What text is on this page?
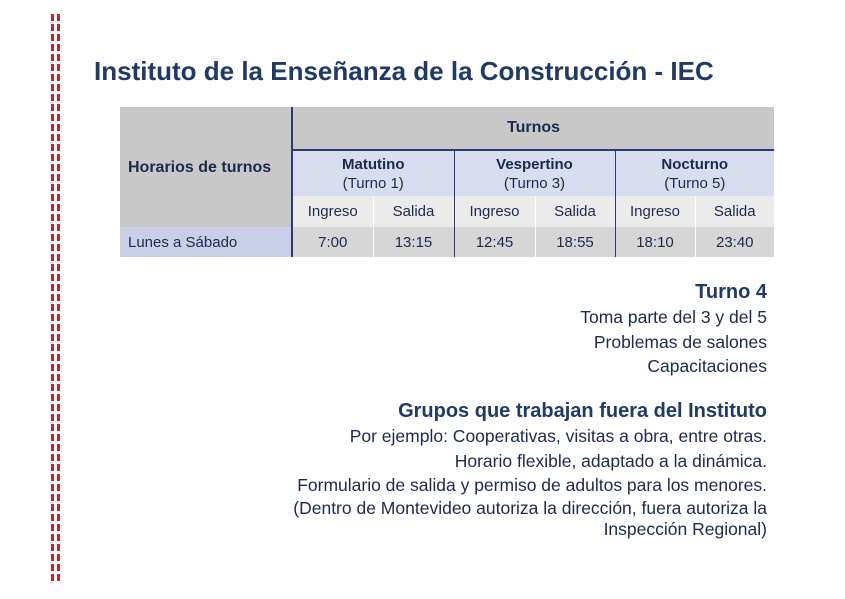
Instituto de la Enseñanza de la Construcción - IEC
Horarios de turnos	Turnos					

	Matutino
(Turno 1)		Vespertino
(Turno 3)		Nocturno
(Turno 5)	

	Ingreso	Salida	Ingreso	Salida	Ingreso	Salida
Lunes a Sábado	7:00	13:15	12:45	18:55	18:10	23:40
Turno 4

Toma parte del 3 y del 5

Problemas de salones

Capacitaciones

Grupos que trabajan fuera del Instituto

Por ejemplo: Cooperativas, visitas a obra, entre otras.

Horario flexible, adaptado a la dinámica.

Formulario de salida y permiso de adultos para los menores.

(Dentro de Montevideo autoriza la dirección, fuera autoriza la

Inspección Regional)
